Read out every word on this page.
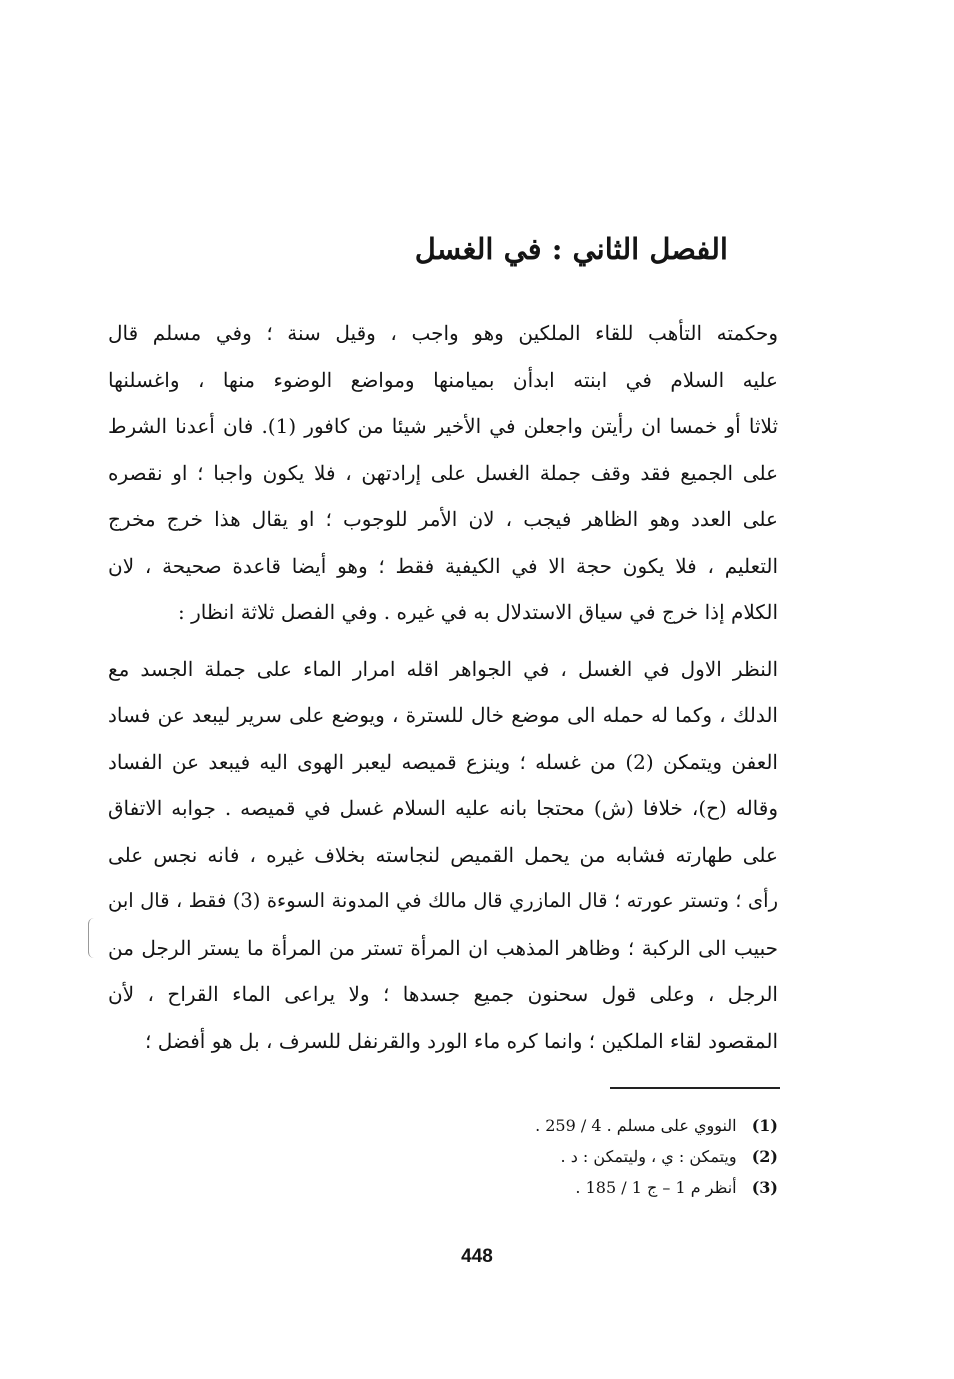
الفصل الثاني : في الغسل
وحكمته التأهب للقاء الملكين وهو واجب ، وقيل سنة ؛ وفي مسلم قال
عليه السلام في ابنته ابدأن بميامنها ومواضع الوضوء منها ، واغسلنها
ثلاثا أو خمسا ان رأيتن واجعلن في الأخير شيئا من كافور (1). فان أعدنا الشرط
على الجميع فقد وقف جملة الغسل على إرادتهن ، فلا يكون واجبا ؛ او نقصره
على العدد وهو الظاهر فيجب ، لان الأمر للوجوب ؛ او يقال هذا خرج مخرج
التعليم ، فلا يكون حجة الا في الكيفية فقط ؛ وهو أيضا قاعدة صحيحة ، لان
الكلام إذا خرج في سياق الاستدلال به في غيره . وفي الفصل ثلاثة انظار :
النظر الاول في الغسل ، في الجواهر اقله امرار الماء على جملة الجسد مع
الدلك ، وكما له حمله الى موضع خال للسترة ، ويوضع على سرير ليبعد عن فساد
العفن ويتمكن (2) من غسله ؛ وينزع قميصه ليعبر الهوى اليه فيبعد عن الفساد
وقاله (ح)، خلافا (ش) محتجا بانه عليه السلام غسل في قميصه . جوابه الاتفاق
على طهارته فشابه من يحمل القميص لنجاسته بخلاف غيره ، فانه نجس على
رأى ؛ وتستر عورته ؛ قال المازري قال مالك في المدونة السوءة (3) فقط ، قال ابن
حبيب الى الركبة ؛ وظاهر المذهب ان المرأة تستر من المرأة ما يستر الرجل من
الرجل ، وعلى قول سحنون جميع جسدها ؛ ولا يراعى الماء القراح ، لأن
المقصود لقاء الملكين ؛ وانما كره ماء الورد والقرنفل للسرف ، بل هو أفضل ؛
(1) النووي على مسلم . 4 / 259 .
(2) ويتمكن : ي ، وليتمكن : د .
(3) أنظر م 1 – ج 1 / 185 .
448
